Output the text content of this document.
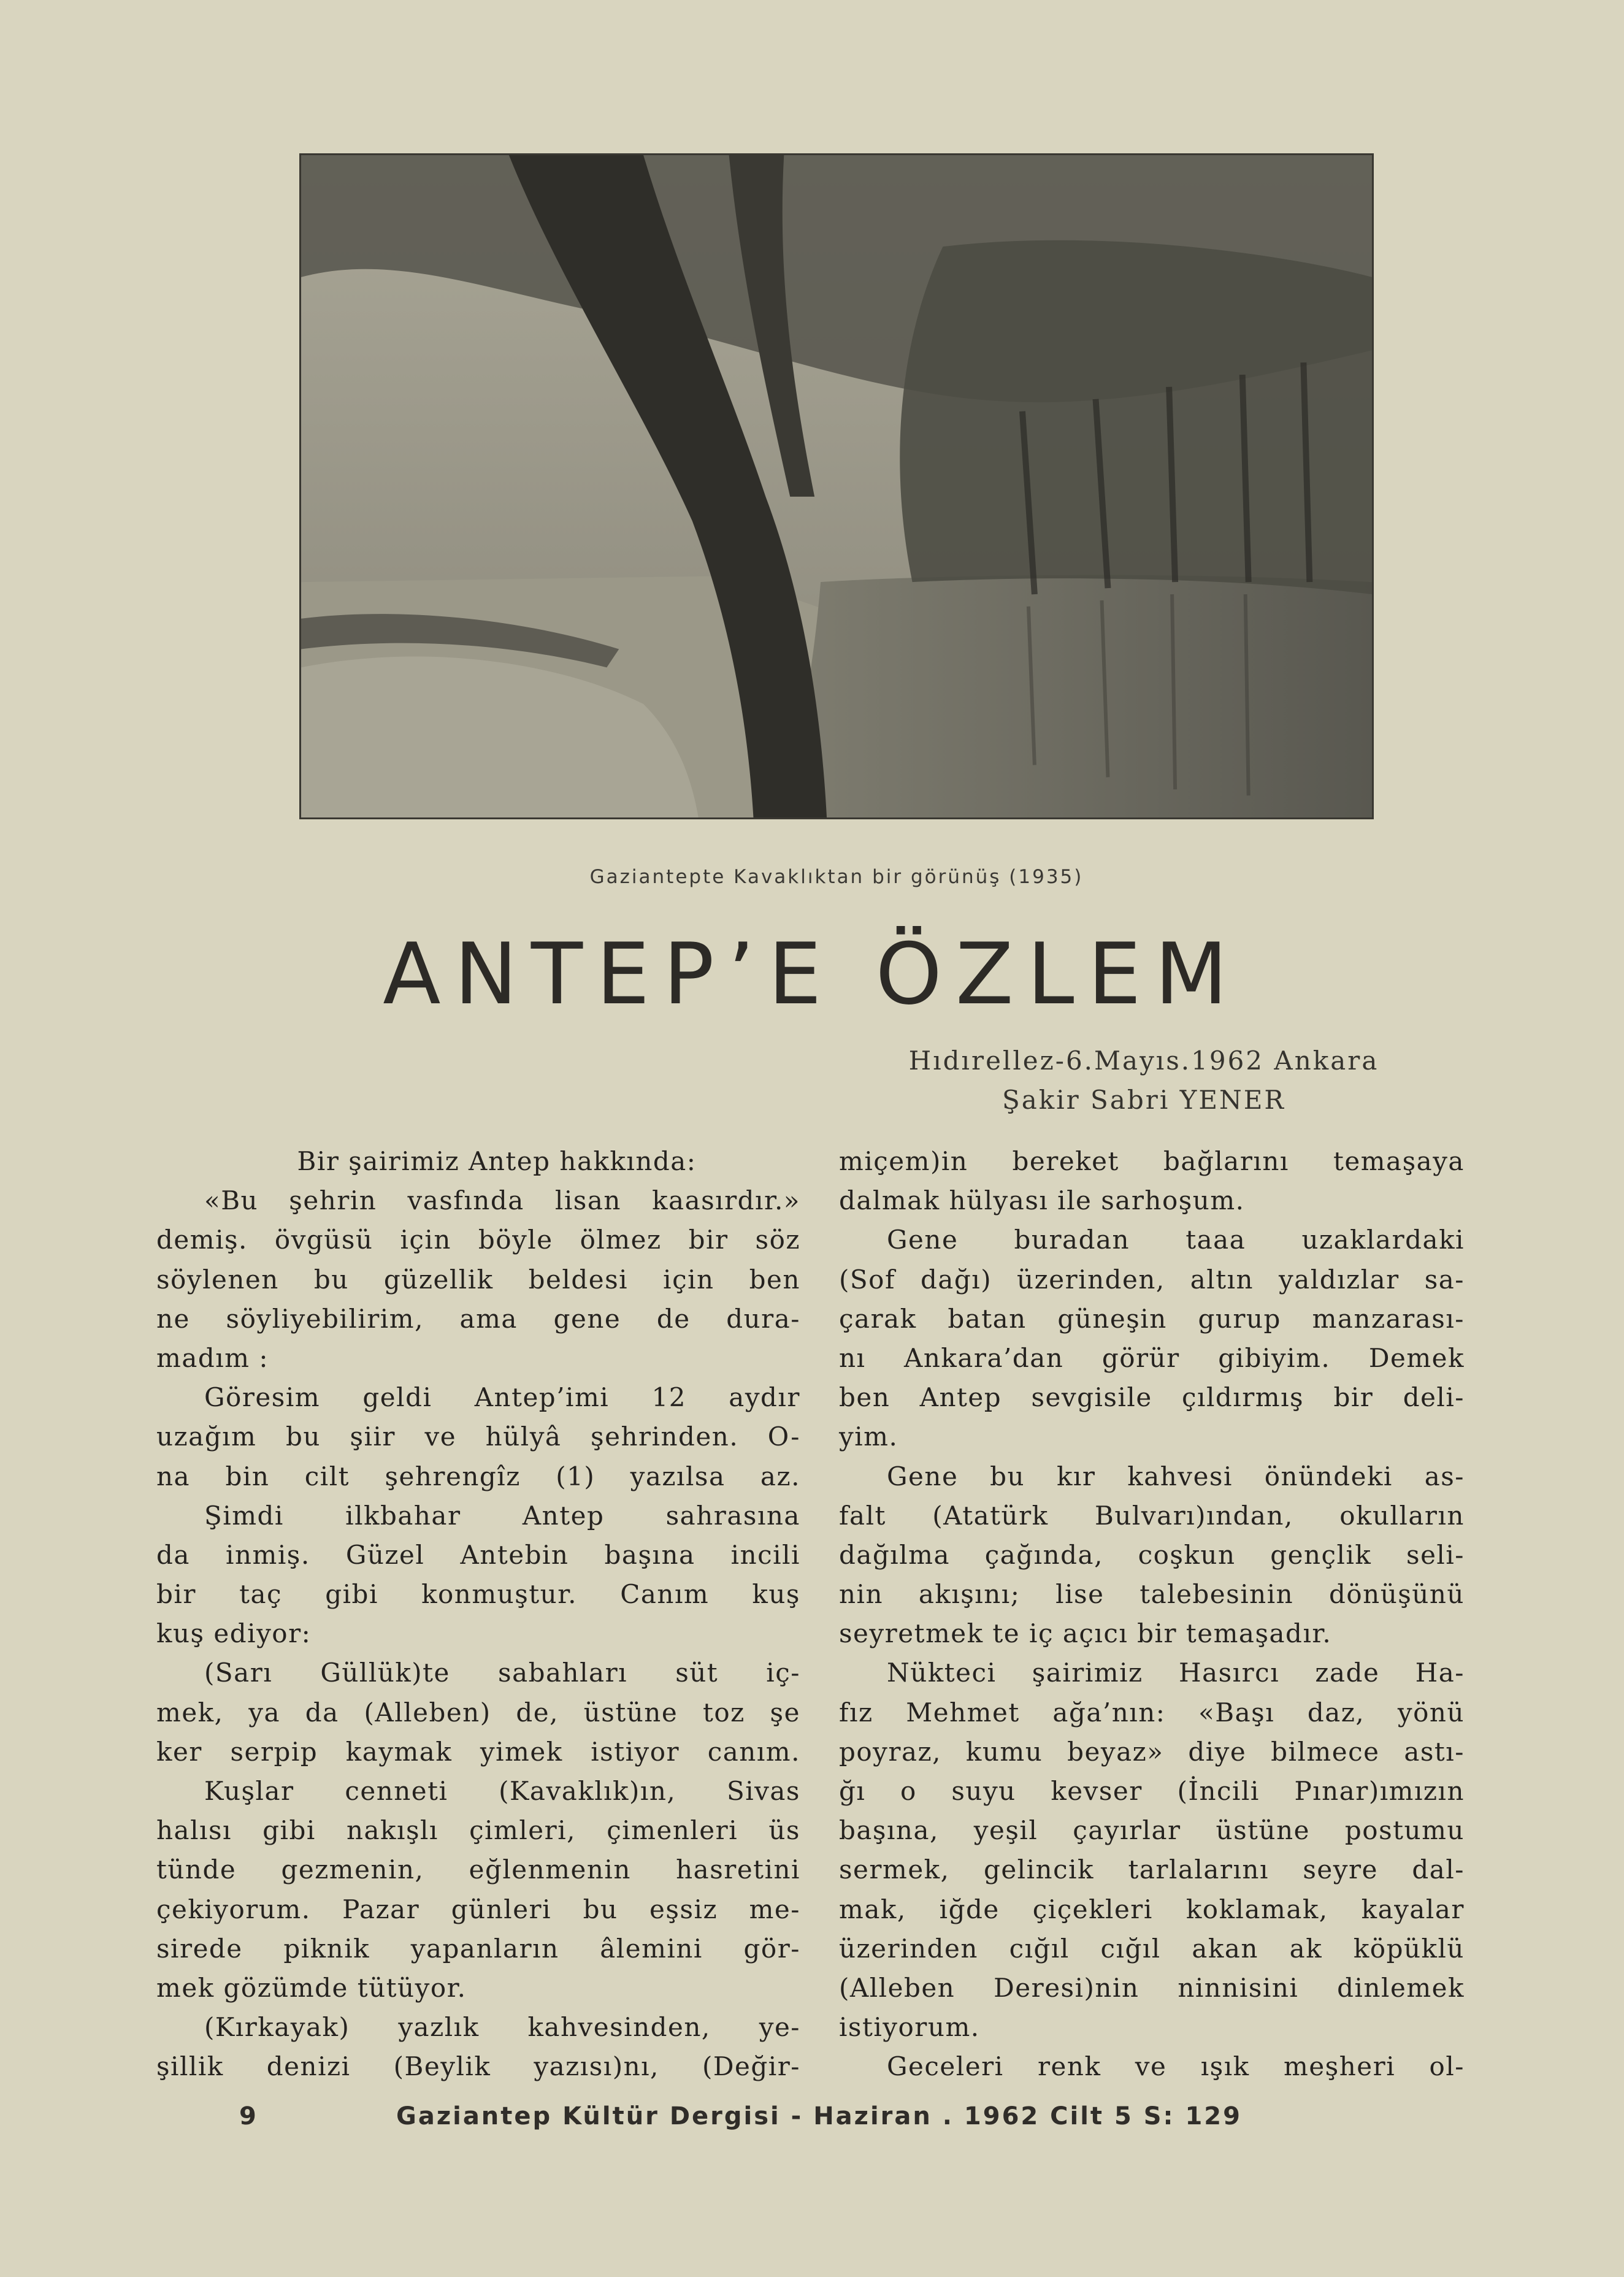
Gaziantepte Kavaklıktan bir görünüş (1935)
ANTEP’E ÖZLEM
Hıdırellez-6.Mayıs.1962 Ankara
Şakir Sabri YENER
Bir şairimiz Antep hakkında:
«Bu şehrin vasfında lisan kaasırdır.»
demiş. övgüsü için böyle ölmez bir söz
söylenen bu güzellik beldesi için ben
ne söyliyebilirim, ama gene de dura-
madım :
Göresim geldi Antep’imi 12 aydır
uzağım bu şiir ve hülyâ şehrinden. O-
na bin cilt şehrengîz (1) yazılsa az.
Şimdi ilkbahar Antep sahrasına
da inmiş. Güzel Antebin başına incili
bir taç gibi konmuştur. Canım kuş
kuş ediyor:
(Sarı Güllük)te sabahları süt iç-
mek, ya da (Alleben) de, üstüne toz şe
ker serpip kaymak yimek istiyor canım.
Kuşlar cenneti (Kavaklık)ın, Sivas
halısı gibi nakışlı çimleri, çimenleri üs
tünde gezmenin, eğlenmenin hasretini
çekiyorum. Pazar günleri bu eşsiz me-
sirede piknik yapanların âlemini gör-
mek gözümde tütüyor.
(Kırkayak) yazlık kahvesinden, ye-
şillik denizi (Beylik yazısı)nı, (Değir-
miçem)in bereket bağlarını temaşaya
dalmak hülyası ile sarhoşum.
Gene buradan taaa uzaklardaki
(Sof dağı) üzerinden, altın yaldızlar sa-
çarak batan güneşin gurup manzarası-
nı Ankara’dan görür gibiyim. Demek
ben Antep sevgisile çıldırmış bir deli-
yim.
Gene bu kır kahvesi önündeki as-
falt (Atatürk Bulvarı)ından, okulların
dağılma çağında, coşkun gençlik seli-
nin akışını; lise talebesinin dönüşünü
seyretmek te iç açıcı bir temaşadır.
Nükteci şairimiz Hasırcı zade Ha-
fız Mehmet ağa’nın: «Başı daz, yönü
poyraz, kumu beyaz» diye bilmece astı-
ğı o suyu kevser (İncili Pınar)ımızın
başına, yeşil çayırlar üstüne postumu
sermek, gelincik tarlalarını seyre dal-
mak, iğde çiçekleri koklamak, kayalar
üzerinden cığıl cığıl akan ak köpüklü
(Alleben Deresi)nin ninnisini dinlemek
istiyorum.
Geceleri renk ve ışık meşheri ol-
9	Gaziantep Kültür Dergisi - Haziran . 1962 Cilt 5 S: 129
